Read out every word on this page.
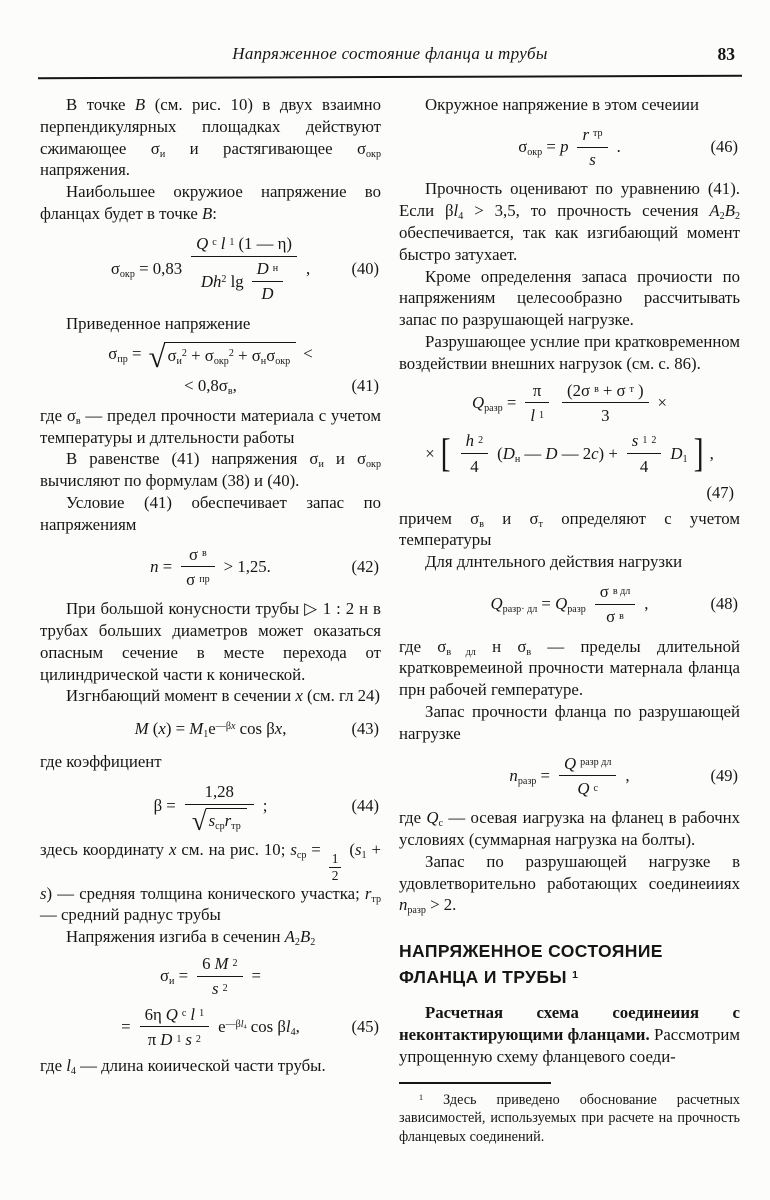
Напряженное состояние фланца и трубы	83

В точке В (см. рис. 10) в двух взаимно перпендикулярных площадках действуют сжимающее $\sigma_и$ и растягивающее $\sigma_{окр}$ напряжения.

Наибольшее окружиое напряжение во фланцах будет в точке В:

$\sigma_{окр} = 0,83 \frac{\text{Q c l 1 (1 — η)}}{Dh^2 \lg \frac{\text{D н}}{D}}$ ,	(40)

Приведенное напряжение

$\sigma_{пр}$ = √ $\sigma_и^2 + \sigma_{окр}^2 + \sigma_н\sigma_{окр}$ <
< $0,8\sigma_в$,	(41)

где $\sigma_в$ — предел прочности материала с учетом температуры и длтельности работы

В равенстве (41) напряжения $\sigma_и$ и $\sigma_{окр}$ вычисляют по формулам (38) и (40).

Условие (41) обеспечивает запас по напряжениям

$n = \frac{\text{σ в}}{\text{σ пр}} > 1,25$.	(42)

При большой конусности трубы ▷ 1 : 2 н в трубах больших диаметров может оказаться опасным сечение в месте перехода от цилиндрической части к конической.

Изгнбающий момент в сечении x (см. гл 24)

M $(x) = M_1e^{—\beta x}$ cos βx,	(43)

где коэффициент

$\beta = \frac{1,28}{√ s_{ср}r_{тр}}$ ;	(44)

здесь координату x см. на рис. 10; $s_{ср}$ =
$\frac{1}{2}$
$(s_1 + s)$ — средняя толщина конического участка; $r_{тр}$ — средний раднус трубы

Напряжения изгиба в сеченин $A_2B_2$

$\sigma_и = \frac{6 M 2}{s 2}$ =
= $\frac{\text{6η Q c l 1}}{\text{π D 1 s 2}} e^{—\beta l_4}$ $\cos \beta l_4$,	(45)

где $l_4$ — длина коиической части трубы.

Окружное напряжение в этом сечеиии

$\sigma_{окр} = p \frac{\text{r тр}}{s}$ .	(46)

Прочность оценивают по уравнению (41). Если $\beta l_4 > 3,5$, то прочность сечения $A_2B_2$ обеспечивается, так как изгибающий момент быстро затухает.

Кроме определення запаса прочиости по напряжениям целесообразно рассчитывать запас по разрушающей нагрузке.

Разрушающее уснлие при кратковременном воздействии внешних нагрузок (см. с. 86).

$Q_{разр} = \frac{\pi}{l 1} \frac{\text{(2σ в + σ т )}}{3}$ ×
× [ $\frac{h 2}{4} (D_н$ — D — $2c) + \frac{s 1 2}{4} D_1$ ] ,
(47)

причем $\sigma_в$ и $\sigma_т$ определяют с учетом температуры

Для длнтельного действия нагрузки

$Q_{разр\cdot дл} = Q_{разр} \frac{\text{σ в дл}}{\text{σ в}}$ ,	(48)

где $\sigma_{в дл}$ н $\sigma_в$ — пределы длительной кратковремеиной прочности матернала фланца прн рабочей гемпературе.

Запас прочности фланца по разрушающей нагрузке

$n_{разр} = \frac{\text{Q разр дл}}{\text{Q c}}$ ,	(49)

где $Q_c$ — осевая иагрузка на фланец в рабочнх условиях (суммарная нагрузка на болты).

Запас по разрушающей нагрузке в удовлетворительно работающих соединеииях $n_{разр} > 2$.

НАПРЯЖЕННОЕ СОСТОЯНИЕ ФЛАНЦА И ТРУБЫ $^1$

Расчетная схема соединеиия с неконтактирующими фланцами. Рассмотрим упрощенную схему фланцевого соеди-

$^1$ Здесь приведено обоснование расчетных зависимостей, используемых при расчете на прочность фланцевых соединений.
